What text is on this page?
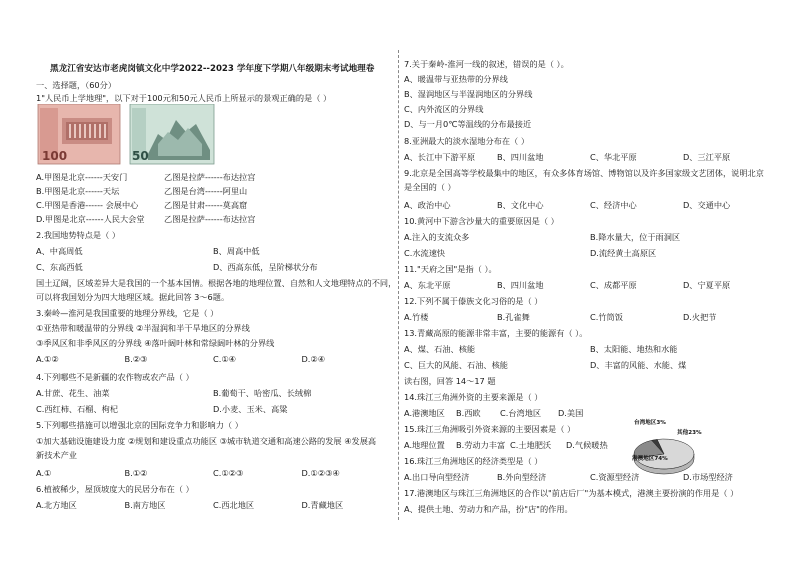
黑龙江省安达市老虎岗镇文化中学2022--2023 学年度下学期八年级期末考试地理卷
一、选择题，（60分）
1"人民币上学地理"，以下对于100元和50元人民币上所显示的景观正确的是（ ）
100	50
A.甲图是北京------天安门	乙图是拉萨------布达拉宫
B.甲图是北京------天坛	乙图是台湾------阿里山
C.甲图是香港------ 会展中心	乙图是甘肃------莫高窟
D.甲图是北京------人民大会堂 乙图是拉萨------布达拉宫
2.我国地势特点是（ ）
A、中高周低	B、周高中低
C、东高西低	D、西高东低，呈阶梯状分布
国土辽阔，区域差异大是我国的一个基本国情。根据各地的地理位置、自然和人文地理特点的不同，
可以将我国划分为四大地理区域。据此回答 3～6题。
3.秦岭—淮河是我国重要的地理分界线，它是（ ）
①亚热带和暖温带的分界线 ②半湿润和半干旱地区的分界线
③季风区和非季风区的分界线 ④落叶阔叶林和常绿阔叶林的分界线
A.①②	B.②③	C.①④	D.②④
4.下列哪些不是新疆的农作物或农产品（ ）
A.甘蔗、花生、油菜	B.葡萄干、哈密瓜、长绒棉
C.西红柿、石榴、枸杞	D.小麦、玉米、高粱
5.下列哪些措施可以增强北京的国际竞争力和影响力（ ）
①加大基础设施建设力度 ②规划和建设重点功能区 ③城市轨道交通和高速公路的发展 ④发展高
新技术产业
A.①	B.①②	C.①②③	D.①②③④
6.植被稀少，屋顶坡度大的民居分布在（ ）
A.北方地区	B.南方地区	C.西北地区	D.青藏地区
7.关于秦岭-淮河一线的叙述，错误的是（ ）。
A、暖温带与亚热带的分界线
B、湿润地区与半湿润地区的分界线
C、内外流区的分界线
D、与一月0℃等温线的分布最接近
8.亚洲最大的淡水湿地分布在（ ）
A、长江中下游平原	B、四川盆地	C、华北平原	D、三江平原
9.北京是全国高等学校最集中的地区，有众多体育场馆、博物馆以及许多国家级文艺团体，说明北京
是全国的（ ）
A、政治中心	B、文化中心	C、经济中心	D、交通中心
10.黄河中下游含沙量大的重要原因是（ ）
A.注入的支流众多	B.降水量大，位于雨洞区
C.水流速快	D.流经黄土高原区
11."天府之国"是指（ ）。
A、东北平原	B、四川盆地	C、成都平原	D、宁夏平原
12.下列不属于傣族文化习俗的是（ ）
A.竹楼	B.孔雀舞	C.竹筒饭	D.火把节
13.青藏高原的能源非常丰富，主要的能源有（ ）。
A、煤、石油、核能	B、太阳能、地热和水能
C、巨大的风能、石油、核能	D、丰富的风能、水能、煤
读右图，回答 14～17 题
14.珠江三角洲外资的主要来源是（ ）
A.港澳地区 B.西欧 C.台湾地区 D.美国
15.珠江三角洲吸引外资来源的主要因素是（ ）
A.地理位置 B.劳动力丰富 C.土地肥沃 D.气候暖热
16.珠江三角洲地区的经济类型是（ ）
A.出口导向型经济	B.外向型经济	C.资源型经济	D.市场型经济
17.港澳地区与珠江三角洲地区的合作以"前店后厂"为基本模式，港澳主要扮演的作用是（ ）
A、提供土地、劳动力和产品，扮"店"的作用。
台湾地区3%
其他23%
港澳地区74%
